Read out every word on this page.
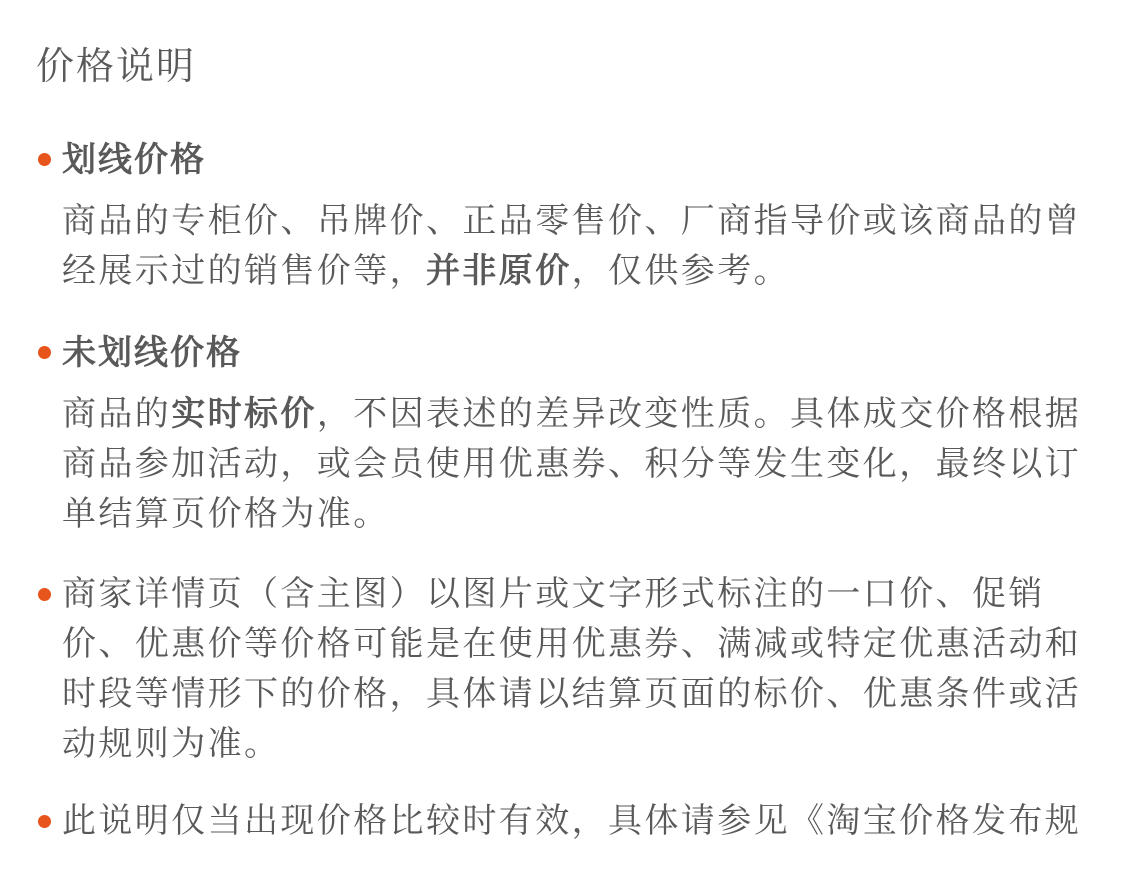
价格说明
划线价格

商品的专柜价、吊牌价、正品零售价、厂商指导价或该商品的曾经展示过的销售价等，并非原价，仅供参考。

未划线价格

商品的实时标价，不因表述的差异改变性质。具体成交价格根据商品参加活动，或会员使用优惠券、积分等发生变化，最终以订单结算页价格为准。

商家详情页（含主图）以图片或文字形式标注的一口价、促销价、优惠价等价格可能是在使用优惠券、满减或特定优惠活动和时段等情形下的价格，具体请以结算页面的标价、优惠条件或活动规则为准。

此说明仅当出现价格比较时有效，具体请参见《淘宝价格发布规
